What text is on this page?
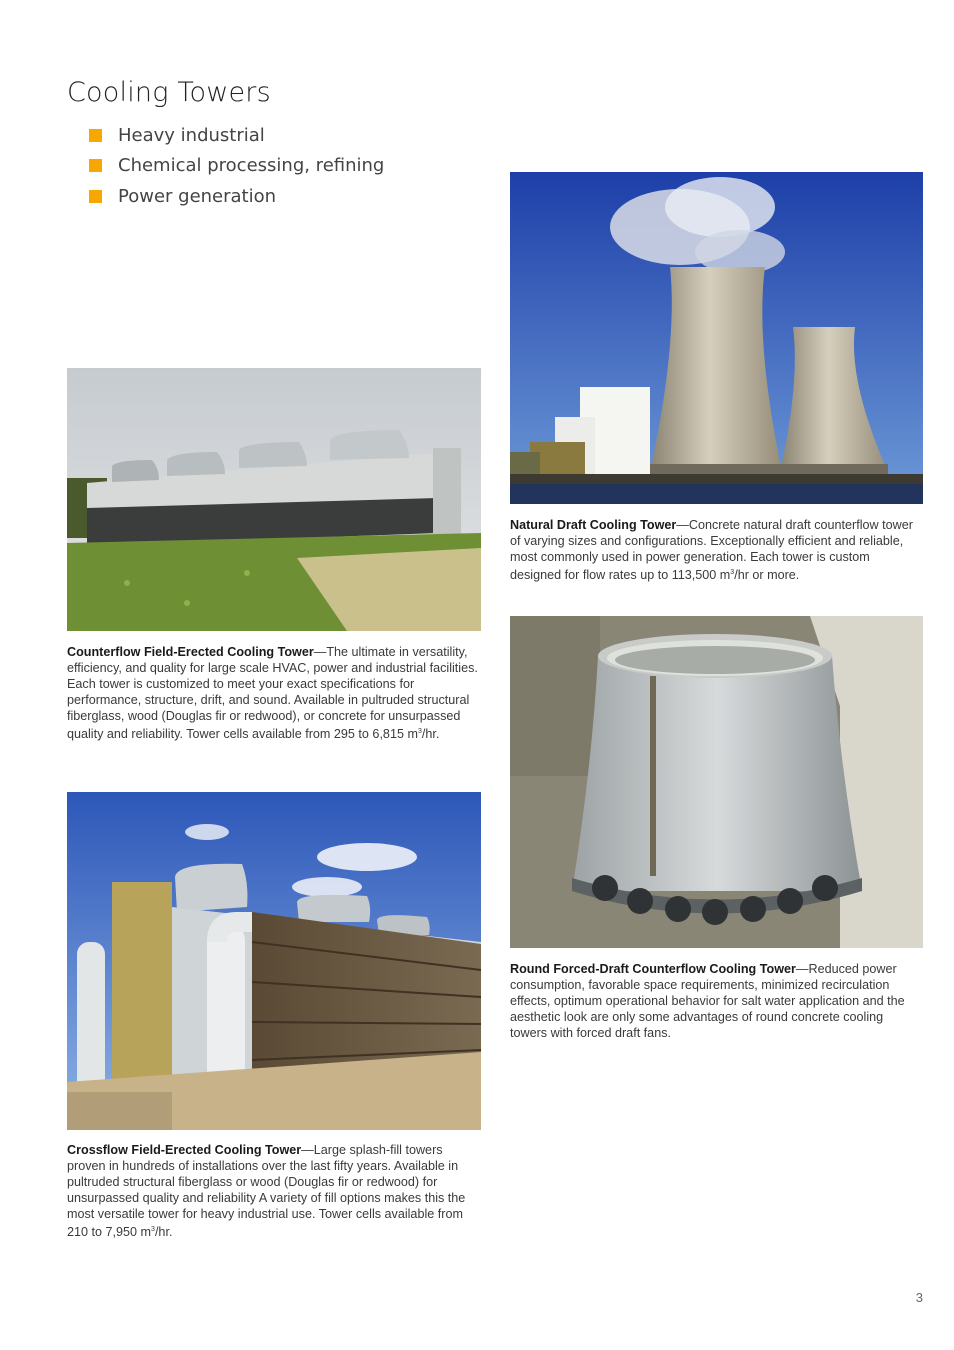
Cooling Towers
Heavy industrial
Chemical processing, refining
Power generation
Natural Draft Cooling Tower—Concrete natural draft counterflow tower of varying sizes and configurations. Exceptionally efficient and reliable, most commonly used in power generation. Each tower is custom designed for flow rates up to 113,500 $m^3/hr$ or more.
Counterflow Field-Erected Cooling Tower—The ultimate in versatility, efficiency, and quality for large scale HVAC, power and industrial facilities. Each tower is customized to meet your exact specifications for performance, structure, drift, and sound. Available in pultruded structural fiberglass, wood (Douglas fir or redwood), or concrete for unsurpassed quality and reliability. Tower cells available from 295 to 6,815 $m^3/hr$.
Round Forced-Draft Counterflow Cooling Tower—Reduced power consumption, favorable space requirements, minimized recirculation effects, optimum operational behavior for salt water application and the aesthetic look are only some advantages of round concrete cooling towers with forced draft fans.
Crossflow Field-Erected Cooling Tower—Large splash-fill towers proven in hundreds of installations over the last fifty years. Available in pultruded structural fiberglass or wood (Douglas fir or redwood) for unsurpassed quality and reliability A variety of fill options makes this the most versatile tower for heavy industrial use. Tower cells available from 210 to 7,950 $m^3/hr$.
3
